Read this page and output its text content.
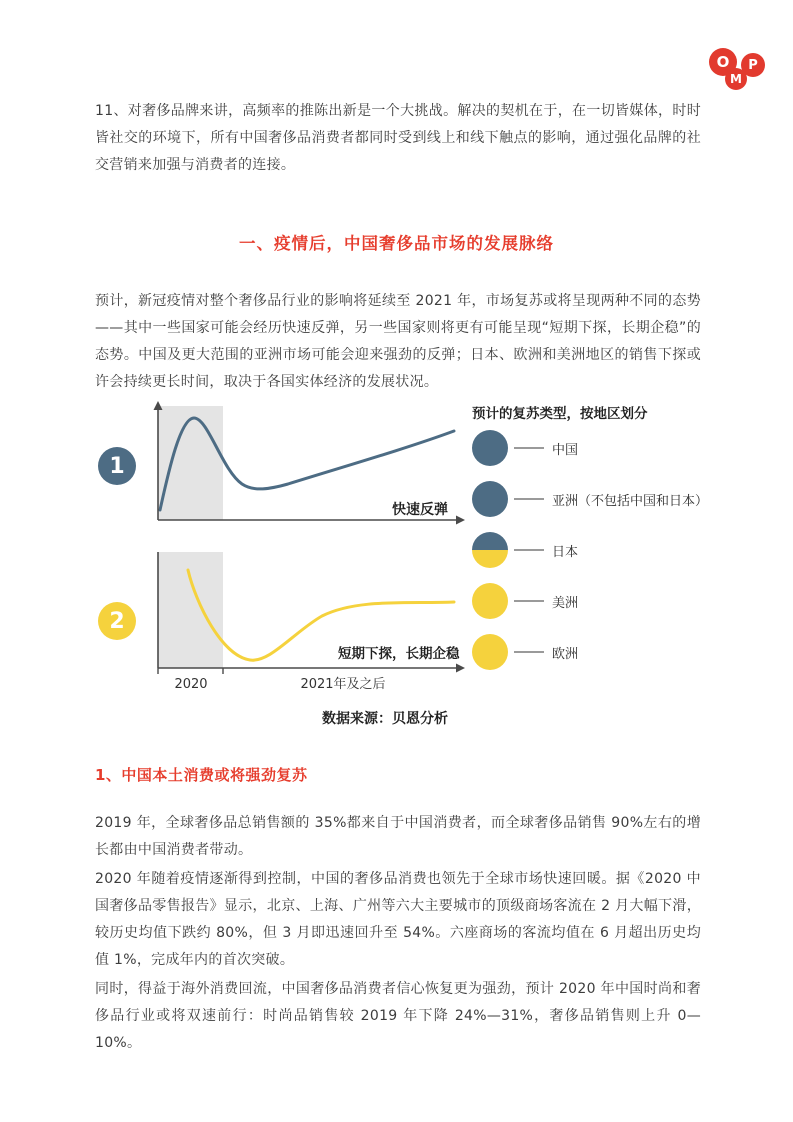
O
M
P

11、对奢侈品牌来讲，高频率的推陈出新是一个大挑战。解决的契机在于，在一切皆媒体，时时皆社交的环境下，所有中国奢侈品消费者都同时受到线上和线下触点的影响，通过强化品牌的社交营销来加强与消费者的连接。

一、疫情后，中国奢侈品市场的发展脉络

预计，新冠疫情对整个奢侈品行业的影响将延续至 2021 年，市场复苏或将呈现两种不同的态势——其中一些国家可能会经历快速反弹，另一些国家则将更有可能呈现“短期下探，长期企稳”的态势。中国及更大范围的亚洲市场可能会迎来强劲的反弹；日本、欧洲和美洲地区的销售下探或许会持续更长时间，取决于各国实体经济的发展状况。

1
快速反弹
2
2020	2021年及之后
短期下探，长期企稳
预计的复苏类型，按地区划分
中国
亚洲（不包括中国和日本）
日本
美洲
欧洲
数据来源：贝恩分析
1、中国本土消费或将强劲复苏

2019 年，全球奢侈品总销售额的 35%都来自于中国消费者，而全球奢侈品销售 90%左右的增长都由中国消费者带动。

2020 年随着疫情逐渐得到控制，中国的奢侈品消费也领先于全球市场快速回暖。据《2020 中国奢侈品零售报告》显示，北京、上海、广州等六大主要城市的顶级商场客流在 2 月大幅下滑，较历史均值下跌约 80%，但 3 月即迅速回升至 54%。六座商场的客流均值在 6 月超出历史均值 1%，完成年内的首次突破。

同时，得益于海外消费回流，中国奢侈品消费者信心恢复更为强劲，预计 2020 年中国时尚和奢侈品行业或将双速前行：时尚品销售较 2019 年下降 24%—31%，奢侈品销售则上升 0—10%。
